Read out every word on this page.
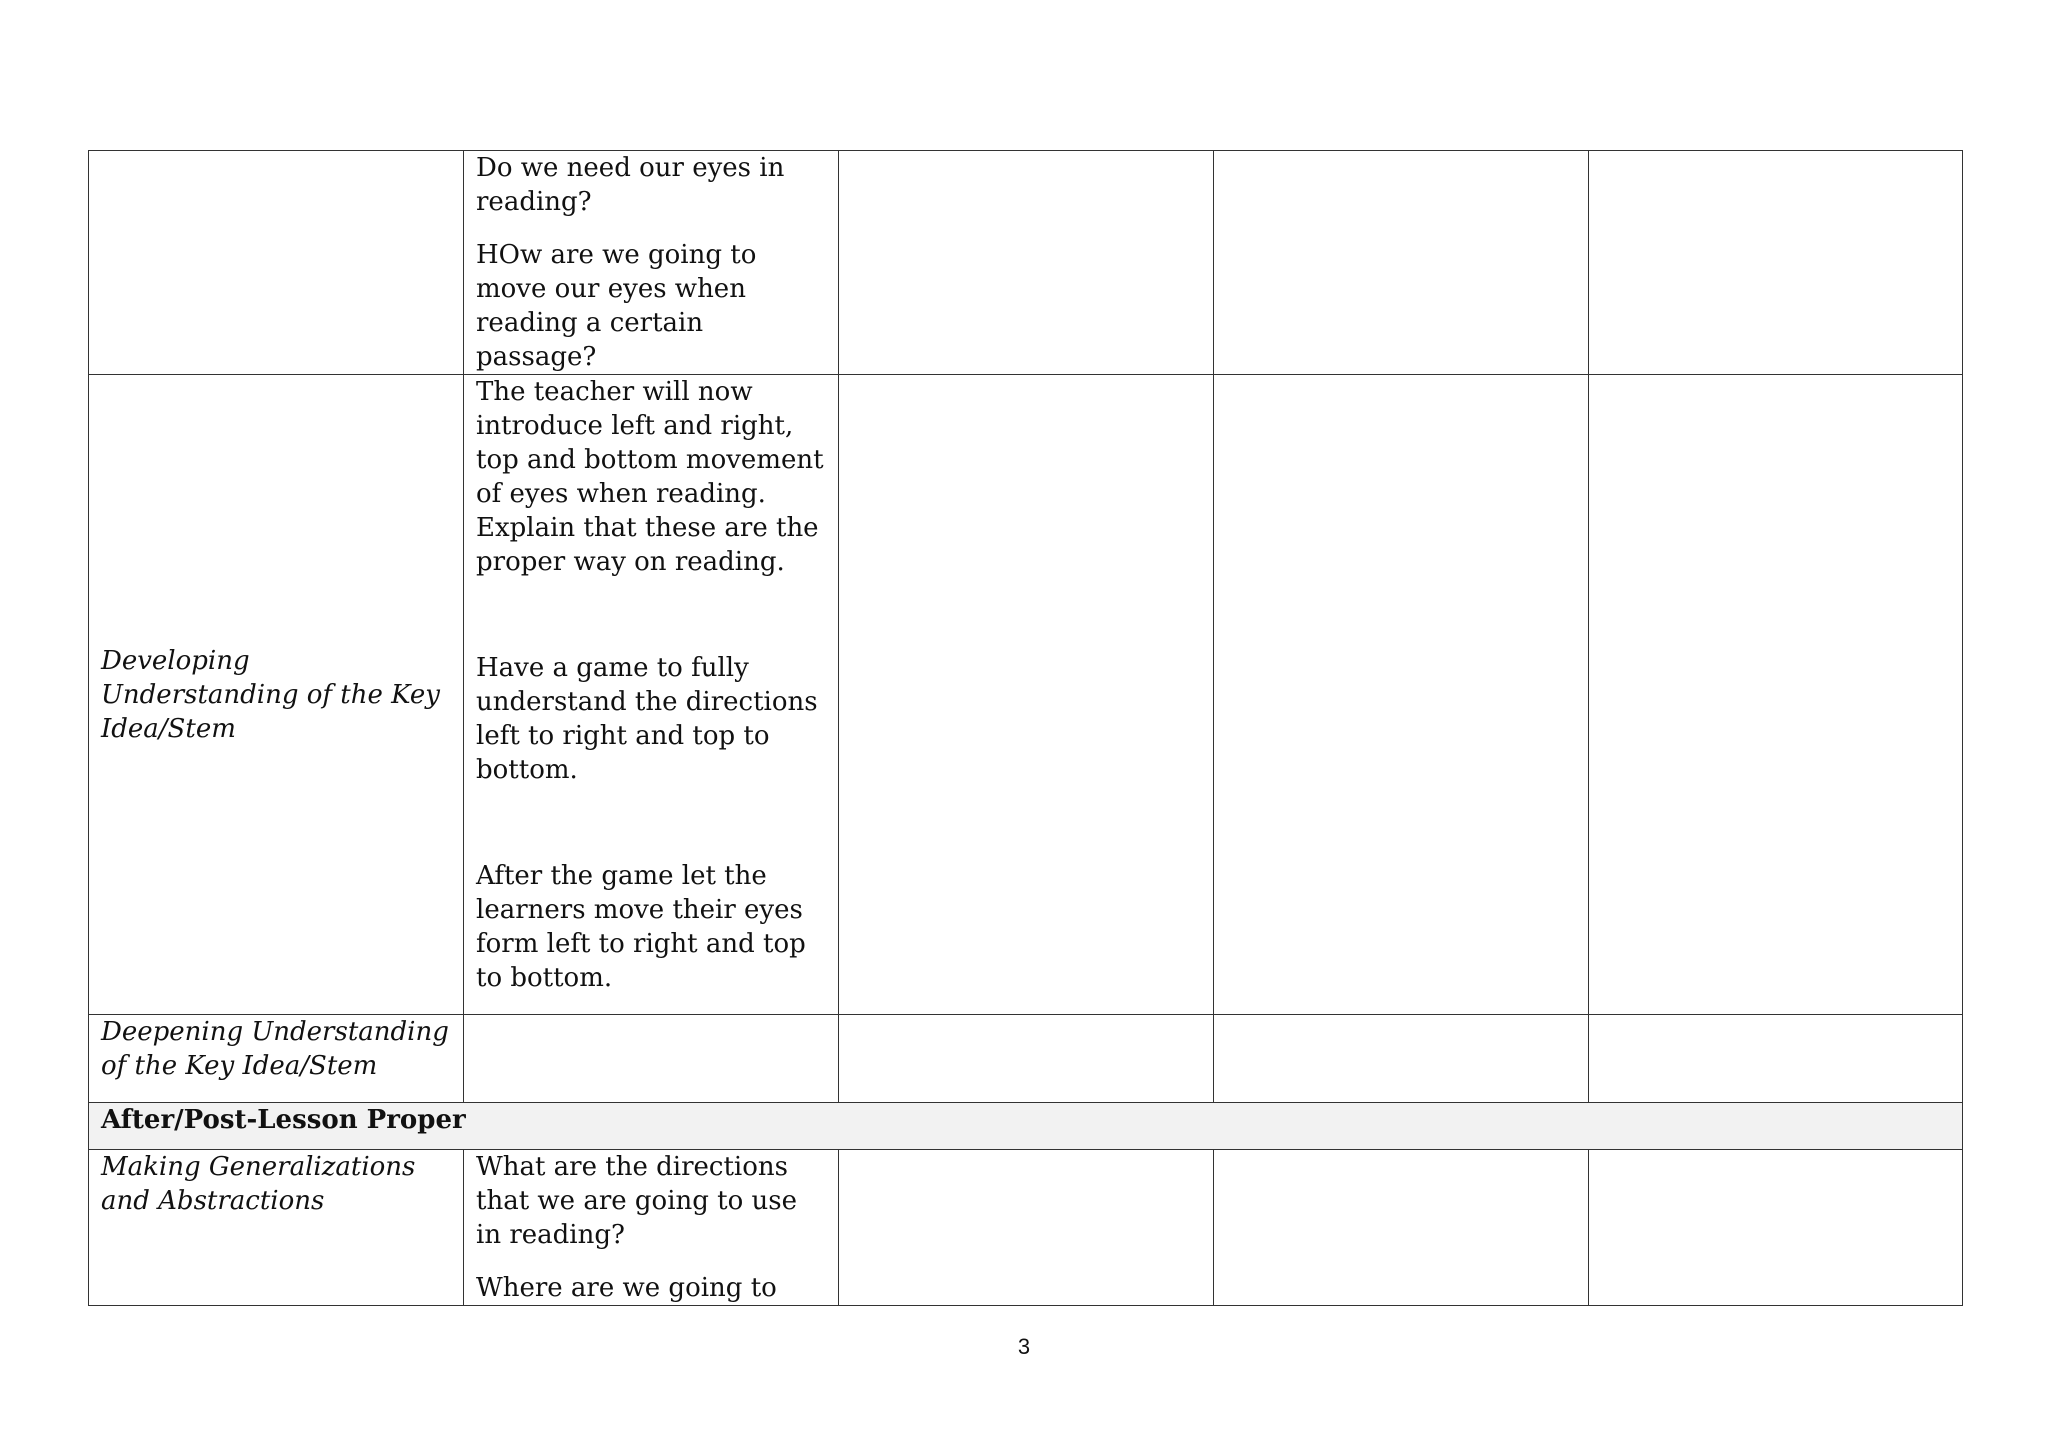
	Do we need our eyes in reading?

HOw are we going to move our eyes when reading a certain passage?			

Developing Understanding of the Key Idea/Stem	The teacher will now introduce left and right, top and bottom movement of eyes when reading. Explain that these are the proper way on reading.

Have a game to fully understand the directions left to right and top to bottom.

After the game let the learners move their eyes form left to right and top to bottom.			

Deepening Understanding of the Key Idea/Stem				
After/Post-Lesson Proper				
Making Generalizations and Abstractions	What are the directions that we are going to use in reading?

Where are we going to			

3
